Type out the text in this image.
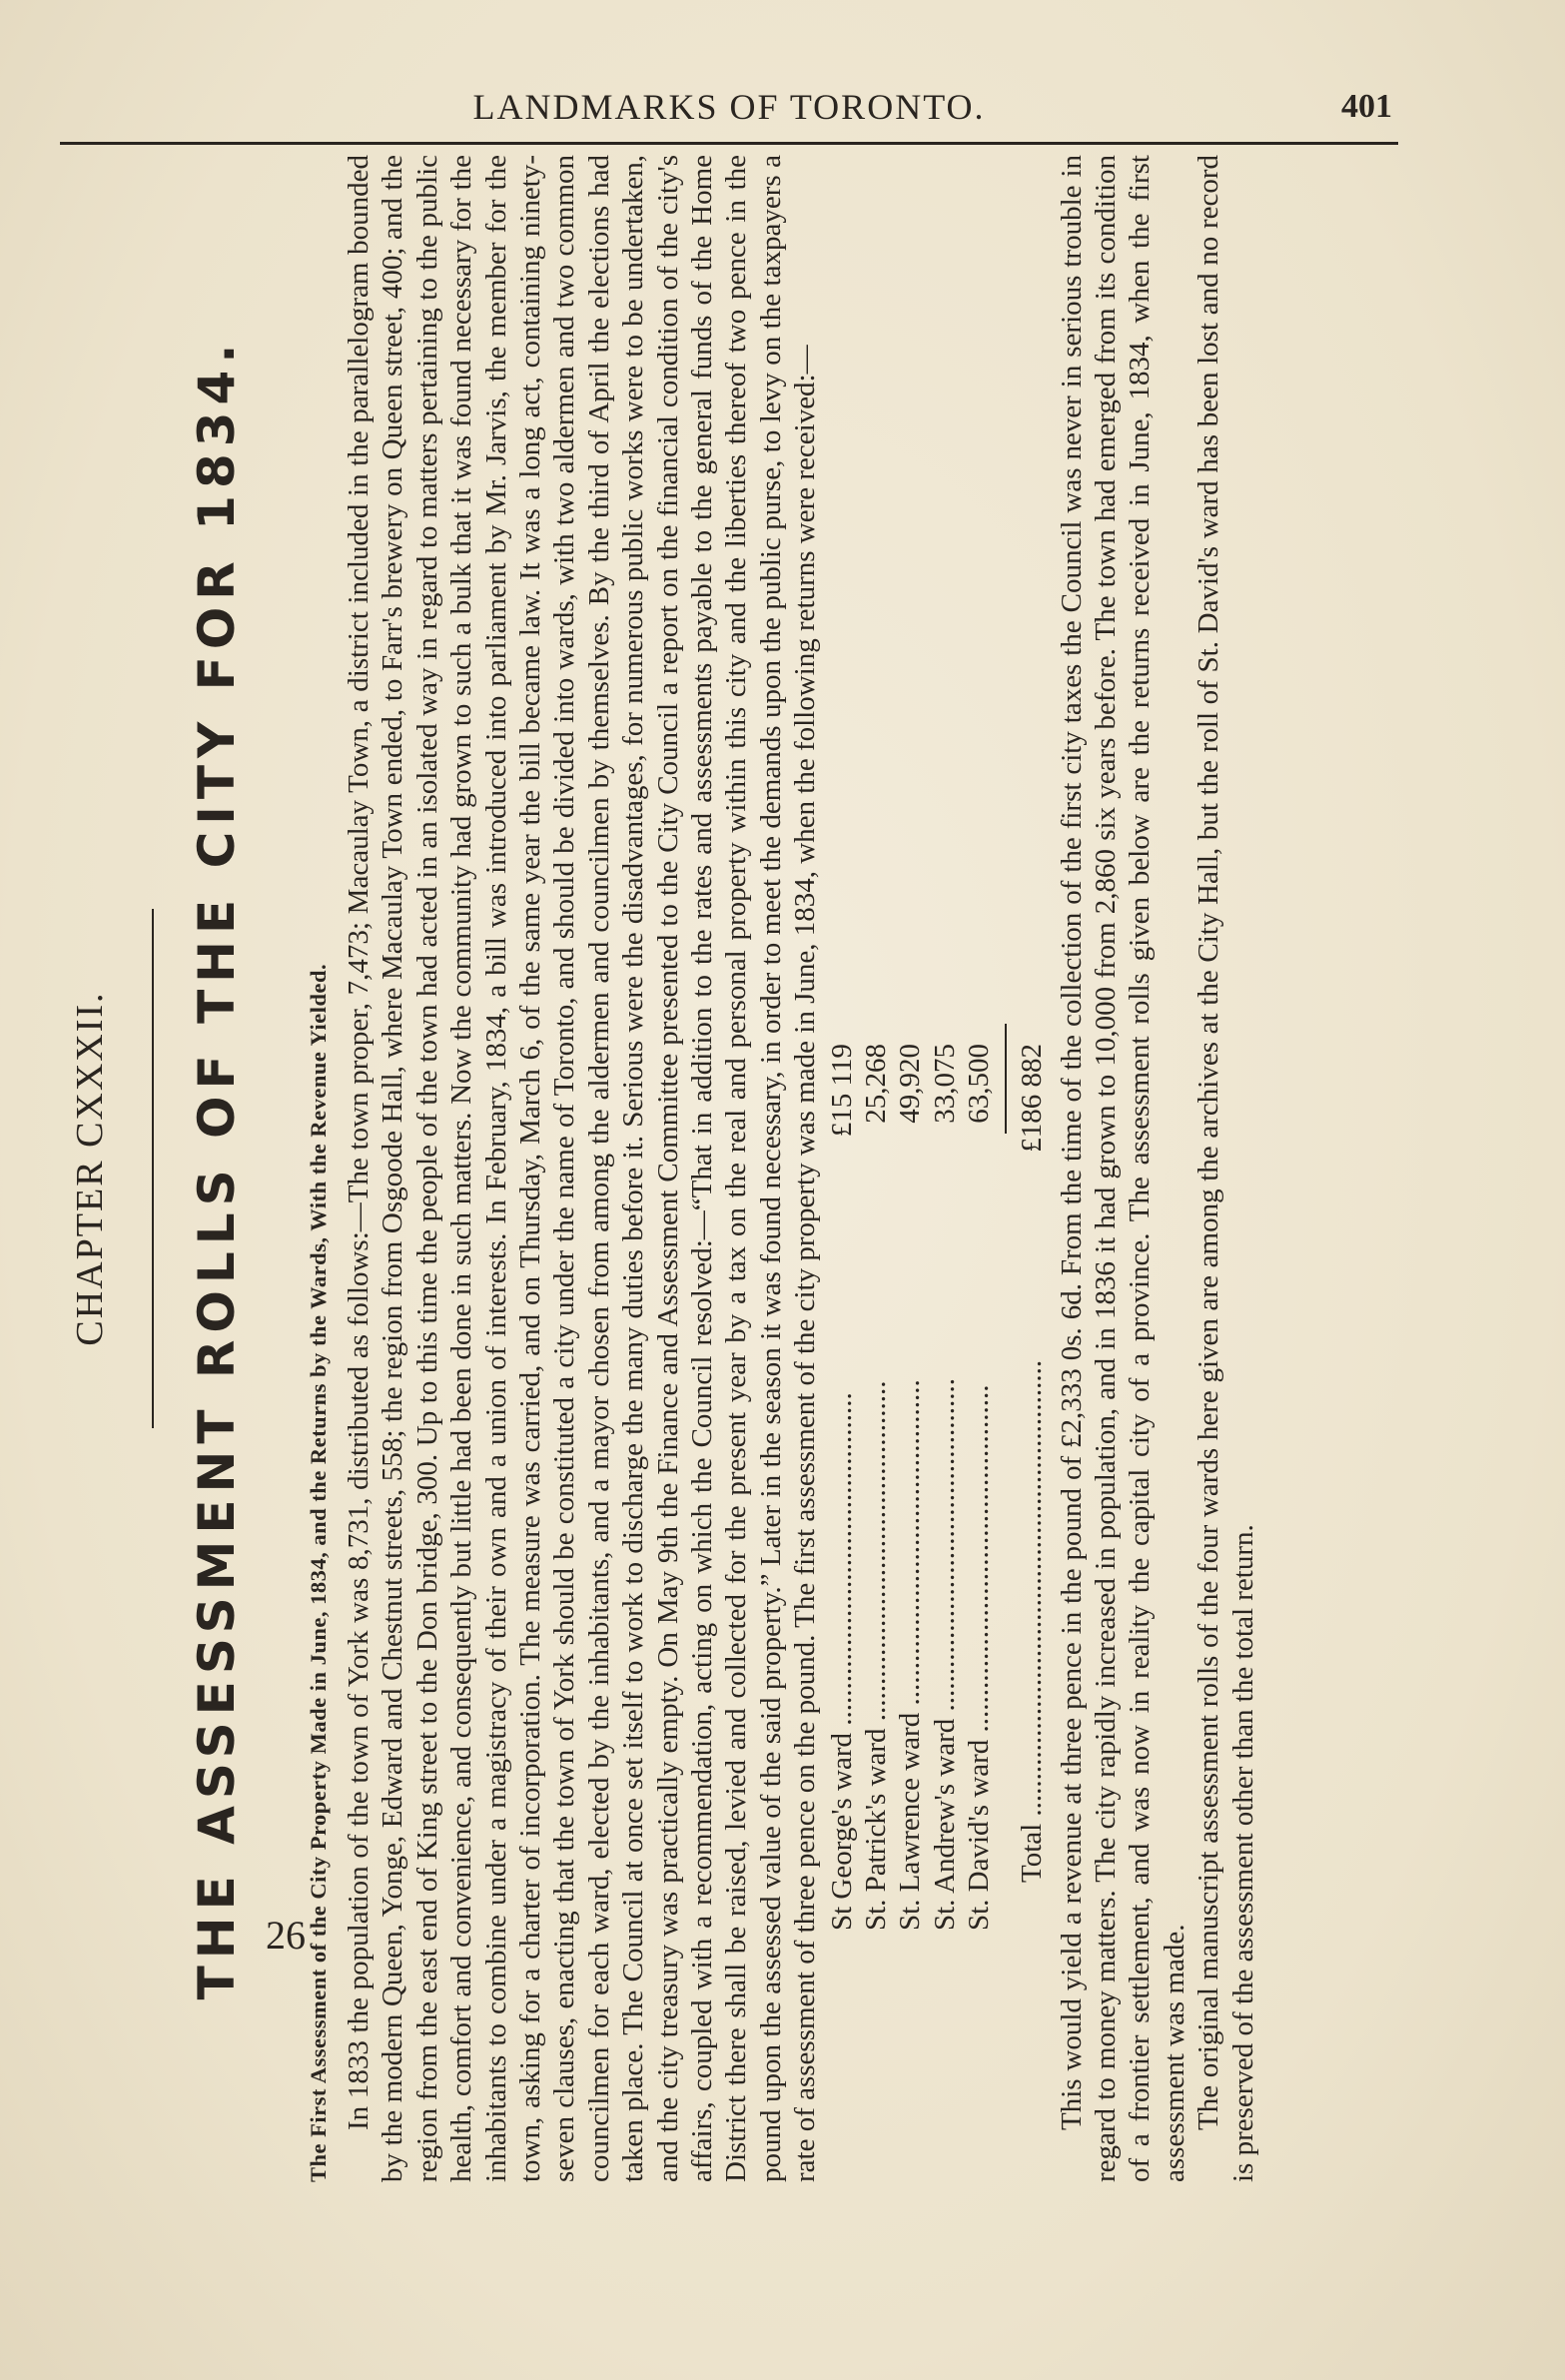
LANDMARKS OF TORONTO.	401
26
CHAPTER CXXXII. THE ASSESSMENT ROLLS OF THE CITY FOR 1834.	The First Assessment of the City Property Made in June, 1834, and the Returns by the Wards, With the Revenue Yielded. In 1833 the population of the town of York was 8,731, distributed as follows:—The town proper, 7,473; Macaulay Town, a district included in the parallelogram bounded by the modern Queen, Yonge, Edward and Chestnut streets, 558; the region from Osgoode Hall, where Macaulay Town ended, to Farr's brewery on Queen street, 400; and the region from the east end of King street to the Don bridge, 300. Up to this time the people of the town had acted in an isolated way in regard to matters pertaining to the public health, comfort and convenience, and consequently but little had been done in such matters. Now the community had grown to such a bulk that it was found necessary for the inhabitants to combine under a magistracy of their own and a union of interests. In February, 1834, a bill was introduced into parliament by Mr. Jarvis, the member for the town, asking for a charter of incorporation. The measure was carried, and on Thursday, March 6, of the same year the bill became law. It was a long act, containing ninety-seven clauses, enacting that the town of York should be constituted a city under the name of Toronto, and should be divided into wards, with two aldermen and two common councilmen for each ward, elected by the inhabitants, and a mayor chosen from among the aldermen and councilmen by themselves. By the third of April the elections had taken place. The Council at once set itself to work to discharge the many duties before it. Serious were the disadvantages, for numerous public works were to be undertaken, and the city treasury was practically empty. On May 9th the Finance and Assessment Committee presented to the City Council a report on the financial condition of the city's affairs, coupled with a recommendation, acting on which the Council resolved:—“That in addition to the rates and assessments payable to the general funds of the Home District there shall be raised, levied and collected for the present year by a tax on the real and personal property within this city and the liberties thereof two pence in the pound upon the assessed value of the said property.” Later in the season it was found necessary, in order to meet the demands upon the public purse, to levy on the taxpayers a rate of assessment of three pence on the pound. The first assessment of the city property was made in June, 1834, when the following returns were received:— St George's ward ..............................................
£15 119
St. Patrick's ward ...............................................
25,268
St. Lawrence ward .............................................
49,920
St. Andrew's ward ..............................................
33,075
St. David's ward ................................................
63,500
Total ...............................................................
£186 882 This would yield a revenue at three pence in the pound of £2,333 0s. 6d. From the time of the collection of the first city taxes the Council was never in serious trouble in regard to money matters. The city rapidly increased in population, and in 1836 it had grown to 10,000 from 2,860 six years before. The town had emerged from its condition of a frontier settlement, and was now in reality the capital city of a province. The assessment rolls given below are the returns received in June, 1834, when the first assessment was made. The original manuscript assessment rolls of the four wards here given are among the archives at the City Hall, but the roll of St. David's ward has been lost and no record is preserved of the assessment other than the total return.
